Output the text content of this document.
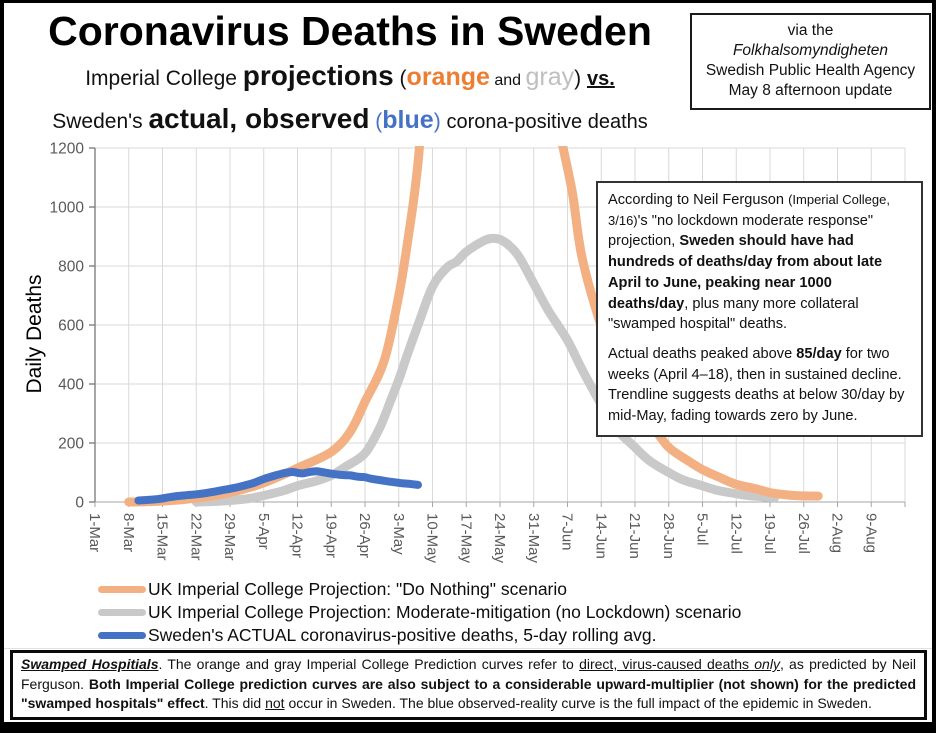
Coronavirus Deaths in Sweden
Imperial College projections (orange and gray) vs.
Sweden's actual, observed (blue) corona-positive deaths
via the
Folkhalsomyndigheten
Swedish Public Health Agency
May 8 afternoon update
0
200
400
600
800
1000
1200
1-Mar 8-Mar 15-Mar 22-Mar 29-Mar 5-Apr 12-Apr 19-Apr 26-Apr 3-May 10-May 17-May 24-May 31-May 7-Jun 14-Jun 21-Jun 28-Jun 5-Jul 12-Jul 19-Jul 26-Jul 2-Aug 9-Aug
Daily Deaths
According to Neil Ferguson (Imperial College, 3/16)'s "no lockdown moderate response" projection, Sweden should have had hundreds of deaths/day from about late April to June, peaking near 1000 deaths/day, plus many more collateral "swamped hospital" deaths.
Actual deaths peaked above 85/day for two weeks (April 4–18), then in sustained decline. Trendline suggests deaths at below 30/day by mid-May, fading towards zero by June.
UK Imperial College Projection: "Do Nothing" scenario
UK Imperial College Projection: Moderate-mitigation (no Lockdown) scenario
Sweden's ACTUAL coronavirus-positive deaths, 5-day rolling avg.
Swamped Hospitials. The orange and gray Imperial College Prediction curves refer to direct, virus-caused deaths only, as predicted by Neil Ferguson. Both Imperial College prediction curves are also subject to a considerable upward-multiplier (not shown) for the predicted "swamped hospitals" effect. This did not occur in Sweden. The blue observed-reality curve is the full impact of the epidemic in Sweden.
